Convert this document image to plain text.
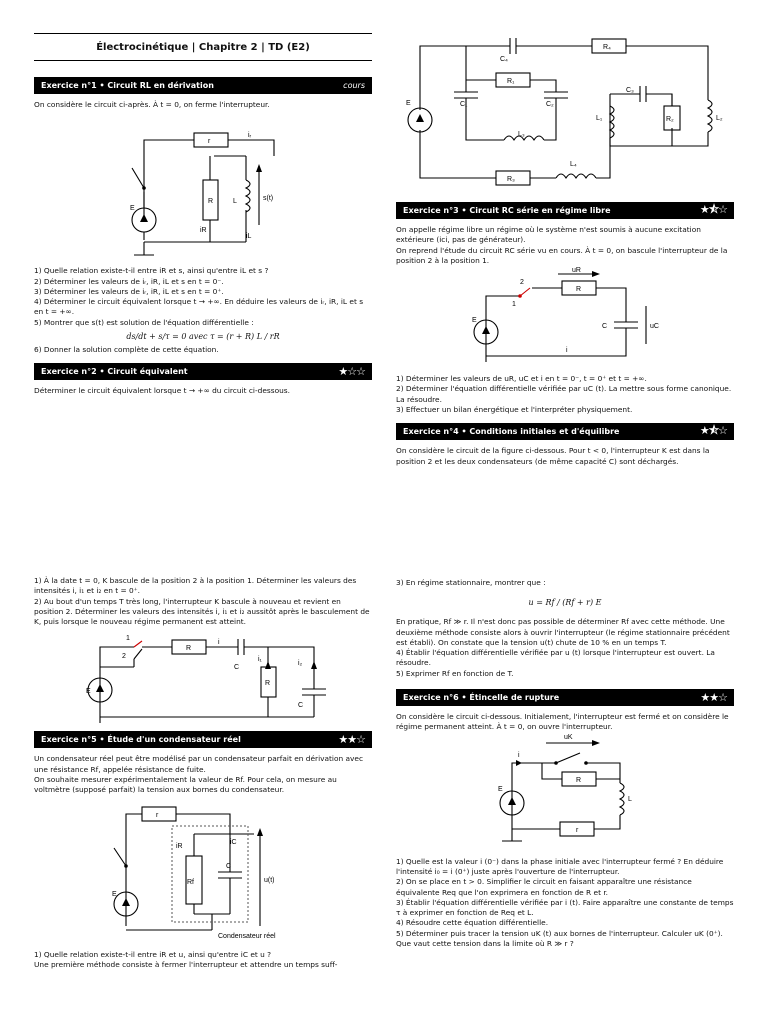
Électrocinétique | Chapitre 2 | TD (E2)
Exercice n°1 • Circuit RL en dérivation	cours

On considère le circuit ci-après. À t = 0, on ferme l'interrupteur.

r
iᵣ
R	L
E
iR
iL
s(t)

1) Quelle relation existe-t-il entre iR et s, ainsi qu'entre iL et s ?

2) Déterminer les valeurs de iᵣ, iR, iL et s en t = 0⁻.

3) Déterminer les valeurs de iᵣ, iR, iL et s en t = 0⁺.

4) Déterminer le circuit équivalent lorsque t → +∞. En déduire les valeurs de iᵣ, iR, iL et s en t = +∞.

5) Montrer que s(t) est solution de l'équation différentielle :

ds/dt + s/τ = 0 avec τ = (r + R) L / rR

6) Donner la solution complète de cette équation.

Exercice n°2 • Circuit équivalent	★☆☆

Déterminer le circuit équivalent lorsque t → +∞ du circuit ci-dessous.

1) À la date t = 0, K bascule de la position 2 à la position 1. Déterminer les valeurs des intensités i, i₁ et i₂ en t = 0⁺.

2) Au bout d'un temps T très long, l'interrupteur K bascule à nouveau et revient en position 2. Déterminer les valeurs des intensités i, i₁ et i₂ aussitôt après le basculement de K, puis lorsque le nouveau régime permanent est atteint.

1
2
R
i
C
i₁
i₂
R
C
E
Exercice n°5 • Étude d'un condensateur réel	★★☆

Un condensateur réel peut être modélisé par un condensateur parfait en dérivation avec une résistance Rf, appelée résistance de fuite.

On souhaite mesurer expérimentalement la valeur de Rf. Pour cela, on mesure au voltmètre (supposé parfait) la tension aux bornes du condensateur.

r
iR
iC
Rf
C
E
u(t)
Condensateur réel

1) Quelle relation existe-t-il entre iR et u, ainsi qu'entre iC et u ?

Une première méthode consiste à fermer l'interrupteur et attendre un temps suff-

C₄
R₄
R₁
C₁	C₂
C₃
L₁	R₂	L₂
L₃
L₄
R₃
E
Exercice n°3 • Circuit RC série en régime libre	★⯪☆

On appelle régime libre un régime où le système n'est soumis à aucune excitation extérieure (ici, pas de générateur).

On reprend l'étude du circuit RC série vu en cours. À t = 0, on bascule l'interrupteur de la position 2 à la position 1.

uR
R
C	uC
E
i
1
2

1) Déterminer les valeurs de uR, uC et i en t = 0⁻, t = 0⁺ et t = +∞.

2) Déterminer l'équation différentielle vérifiée par uC (t). La mettre sous forme canonique. La résoudre.

3) Effectuer un bilan énergétique et l'interpréter physiquement.

Exercice n°4 • Conditions initiales et d'équilibre	★⯪☆

On considère le circuit de la figure ci-dessous. Pour t < 0, l'interrupteur K est dans la position 2 et les deux condensateurs (de même capacité C) sont déchargés.

3) En régime stationnaire, montrer que :

u = Rf / (Rf + r) E

En pratique, Rf ≫ r. Il n'est donc pas possible de déterminer Rf avec cette méthode. Une deuxième méthode consiste alors à ouvrir l'interrupteur (le régime stationnaire précédent est établi). On constate que la tension u(t) chute de 10 % en un temps T.

4) Établir l'équation différentielle vérifiée par u (t) lorsque l'interrupteur est ouvert. La résoudre.

5) Exprimer Rf en fonction de T.

Exercice n°6 • Étincelle de rupture	★★☆

On considère le circuit ci-dessous. Initialement, l'interrupteur est fermé et on considère le régime permanent atteint. À t = 0, on ouvre l'interrupteur.

uK
i
R
L
E
r

1) Quelle est la valeur i (0⁻) dans la phase initiale avec l'interrupteur fermé ? En déduire l'intensité i₀ = i (0⁺) juste après l'ouverture de l'interrupteur.

2) On se place en t > 0. Simplifier le circuit en faisant apparaître une résistance équivalente Req que l'on exprimera en fonction de R et r.

3) Établir l'équation différentielle vérifiée par i (t). Faire apparaître une constante de temps τ à exprimer en fonction de Req et L.

4) Résoudre cette équation différentielle.

5) Déterminer puis tracer la tension uK (t) aux bornes de l'interrupteur. Calculer uK (0⁺). Que vaut cette tension dans la limite où R ≫ r ?
